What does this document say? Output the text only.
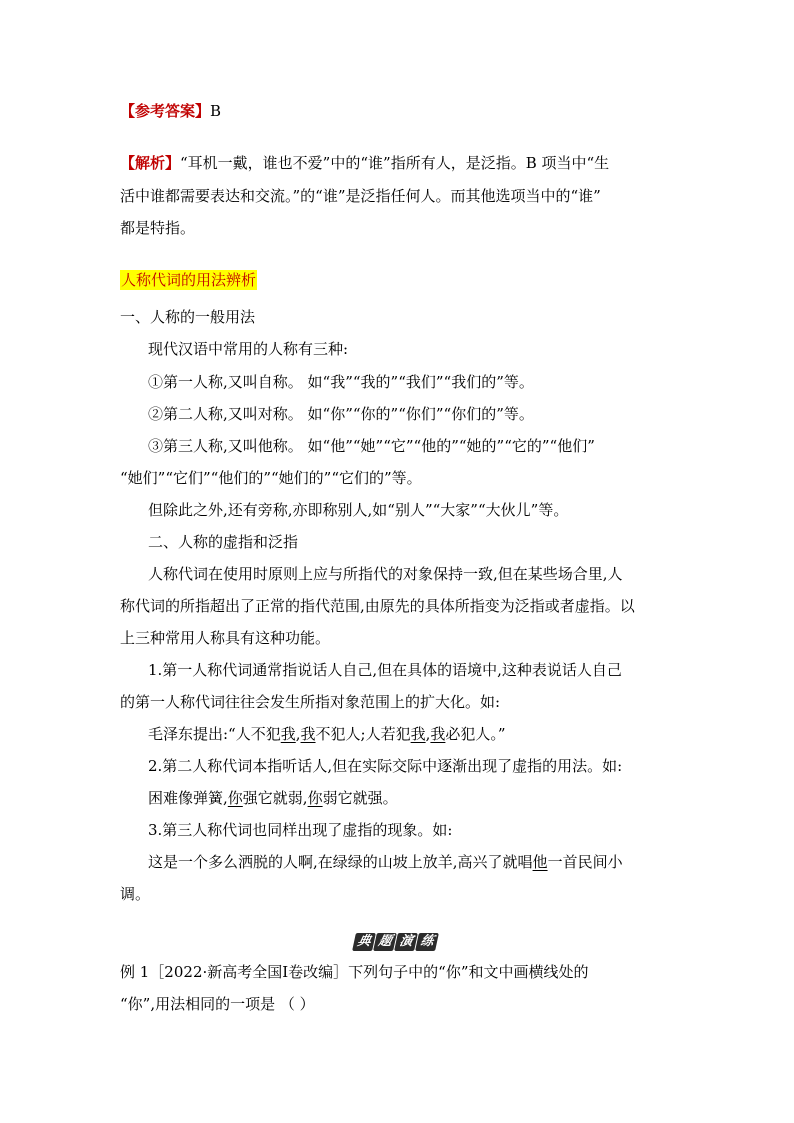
【参考答案】B
【解析】“耳机一戴，谁也不爱”中的“谁”指所有人，是泛指。B 项当中“生
活中谁都需要表达和交流。”的“谁”是泛指任何人。而其他选项当中的“谁”
都是特指。
人称代词的用法辨析
一、人称的一般用法
现代汉语中常用的人称有三种:
①第一人称,又叫自称。 如“我”“我的”“我们”“我们的”等。
②第二人称,又叫对称。 如“你”“你的”“你们”“你们的”等。
③第三人称,又叫他称。 如“他”“她”“它”“他的”“她的”“它的”“他们”
“她们”“它们”“他们的”“她们的”“它们的”等。
但除此之外,还有旁称,亦即称别人,如“别人”“大家”“大伙儿”等。
二、人称的虚指和泛指
人称代词在使用时原则上应与所指代的对象保持一致,但在某些场合里,人
称代词的所指超出了正常的指代范围,由原先的具体所指变为泛指或者虚指。以
上三种常用人称具有这种功能。
1.第一人称代词通常指说话人自己,但在具体的语境中,这种表说话人自己
的第一人称代词往往会发生所指对象范围上的扩大化。如:
毛泽东提出:“人不犯我,我不犯人;人若犯我,我必犯人。”
2.第二人称代词本指听话人,但在实际交际中逐渐出现了虚指的用法。如:
困难像弹簧,你强它就弱,你弱它就强。
3.第三人称代词也同样出现了虚指的现象。如:
这是一个多么洒脱的人啊,在绿绿的山坡上放羊,高兴了就唱他一首民间小
调。
典 题 演 练
例 1［2022·新高考全国Ⅰ卷改编］下列句子中的“你”和文中画横线处的
“你”,用法相同的一项是 （ ）
